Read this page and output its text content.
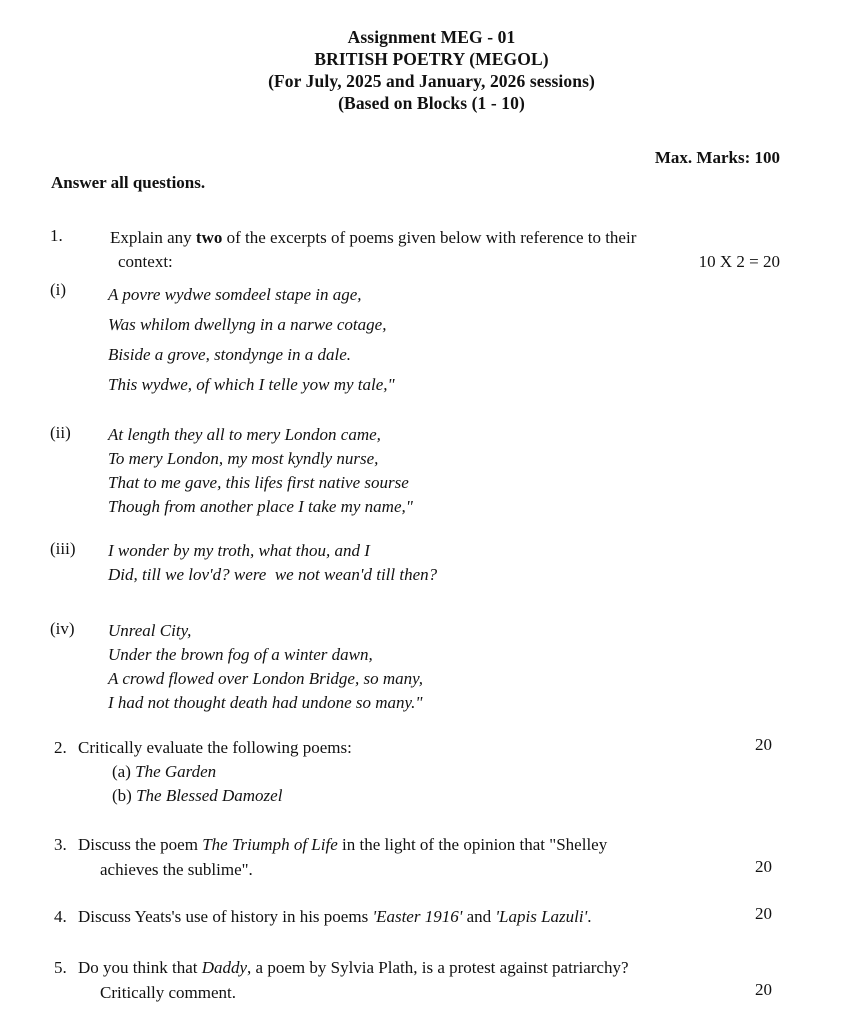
Assignment MEG - 01
BRITISH POETRY (MEGOL)
(For July, 2025 and January, 2026 sessions)
(Based on Blocks (1 - 10)
Max. Marks: 100
Answer all questions.
1.	Explain any two of the excerpts of poems given below with reference to their
context:	10 X 2 = 20
(i) A povre wydwe somdeel stape in age,
Was whilom dwellyng in a narwe cotage,
Biside a grove, stondynge in a dale.
This wydwe, of which I telle yow my tale,"
(ii) At length they all to mery London came,
To mery London, my most kyndly nurse,
That to me gave, this lifes first native sourse
Though from another place I take my name,"
(iii) I wonder by my troth, what thou, and I
Did, till we lov'd? were  we not wean'd till then?
(iv) Unreal City,
Under the brown fog of a winter dawn,
A crowd flowed over London Bridge, so many,
I had not thought death had undone so many."
2. Critically evaluate the following poems:
(a) The Garden
(b) The Blessed Damozel
20
3. Discuss the poem The Triumph of Life in the light of the opinion that "Shelley
achieves the sublime".	20
4. Discuss Yeats's use of history in his poems 'Easter 1916' and 'Lapis Lazuli'.	20
5. Do you think that Daddy, a poem by Sylvia Plath, is a protest against patriarchy?
Critically comment.	20
